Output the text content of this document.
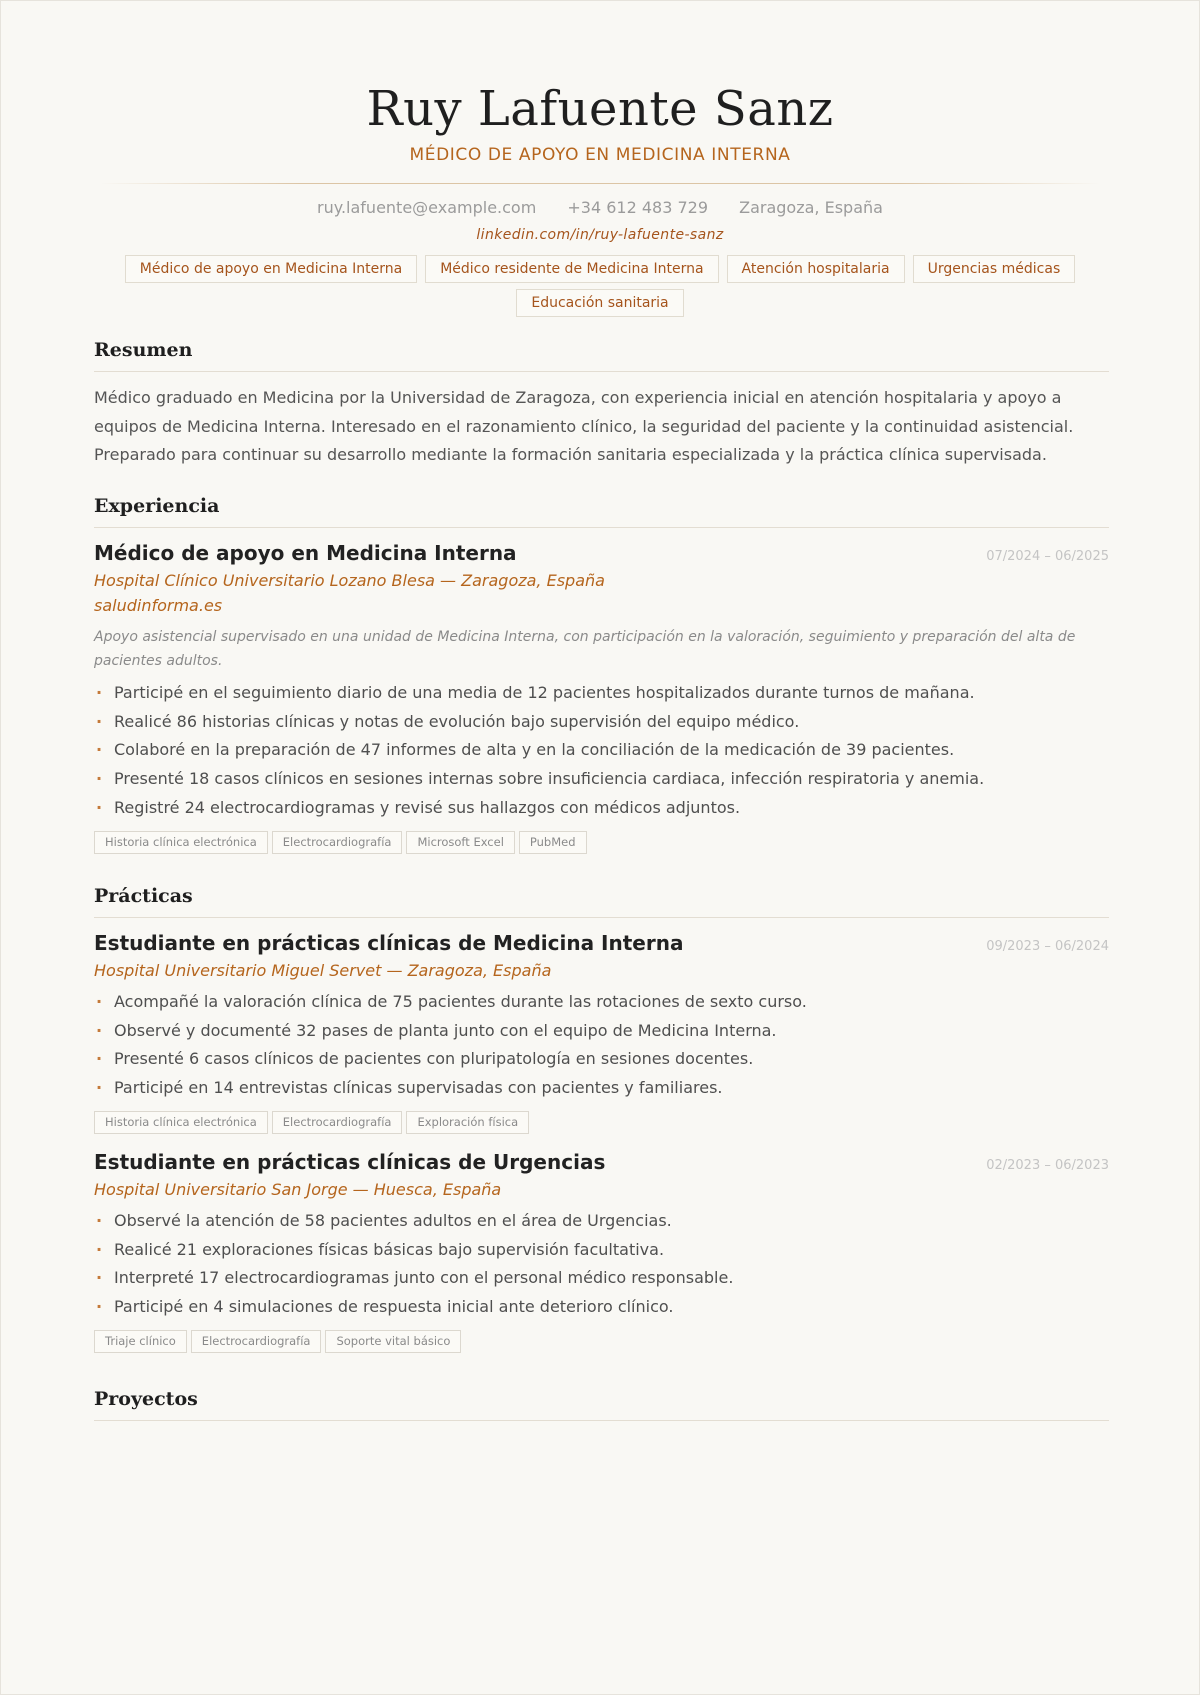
Ruy Lafuente Sanz
MÉDICO DE APOYO EN MEDICINA INTERNA
ruy.lafuente@example.com +34 612 483 729 Zaragoza, España
linkedin.com/in/ruy-lafuente-sanz
Médico de apoyo en Medicina Interna	Médico residente de Medicina Interna	Atención hospitalaria	Urgencias médicas
Educación sanitaria
Resumen
Médico graduado en Medicina por la Universidad de Zaragoza, con experiencia inicial en atención hospitalaria y apoyo a equipos de Medicina Interna. Interesado en el razonamiento clínico, la seguridad del paciente y la continuidad asistencial. Preparado para continuar su desarrollo mediante la formación sanitaria especializada y la práctica clínica supervisada.
Experiencia
Médico de apoyo en Medicina Interna	07/2024 – 06/2025
Hospital Clínico Universitario Lozano Blesa — Zaragoza, España
saludinforma.es
Apoyo asistencial supervisado en una unidad de Medicina Interna, con participación en la valoración, seguimiento y preparación del alta de pacientes adultos.
· Participé en el seguimiento diario de una media de 12 pacientes hospitalizados durante turnos de mañana.
· Realicé 86 historias clínicas y notas de evolución bajo supervisión del equipo médico.
· Colaboré en la preparación de 47 informes de alta y en la conciliación de la medicación de 39 pacientes.
· Presenté 18 casos clínicos en sesiones internas sobre insuficiencia cardiaca, infección respiratoria y anemia.
· Registré 24 electrocardiogramas y revisé sus hallazgos con médicos adjuntos.
Historia clínica electrónica	Electrocardiografía	Microsoft Excel	PubMed
Prácticas
Estudiante en prácticas clínicas de Medicina Interna	09/2023 – 06/2024
Hospital Universitario Miguel Servet — Zaragoza, España
· Acompañé la valoración clínica de 75 pacientes durante las rotaciones de sexto curso.
· Observé y documenté 32 pases de planta junto con el equipo de Medicina Interna.
· Presenté 6 casos clínicos de pacientes con pluripatología en sesiones docentes.
· Participé en 14 entrevistas clínicas supervisadas con pacientes y familiares.
Historia clínica electrónica	Electrocardiografía	Exploración física
Estudiante en prácticas clínicas de Urgencias	02/2023 – 06/2023
Hospital Universitario San Jorge — Huesca, España
· Observé la atención de 58 pacientes adultos en el área de Urgencias.
· Realicé 21 exploraciones físicas básicas bajo supervisión facultativa.
· Interpreté 17 electrocardiogramas junto con el personal médico responsable.
· Participé en 4 simulaciones de respuesta inicial ante deterioro clínico.
Triaje clínico	Electrocardiografía	Soporte vital básico
Proyectos
